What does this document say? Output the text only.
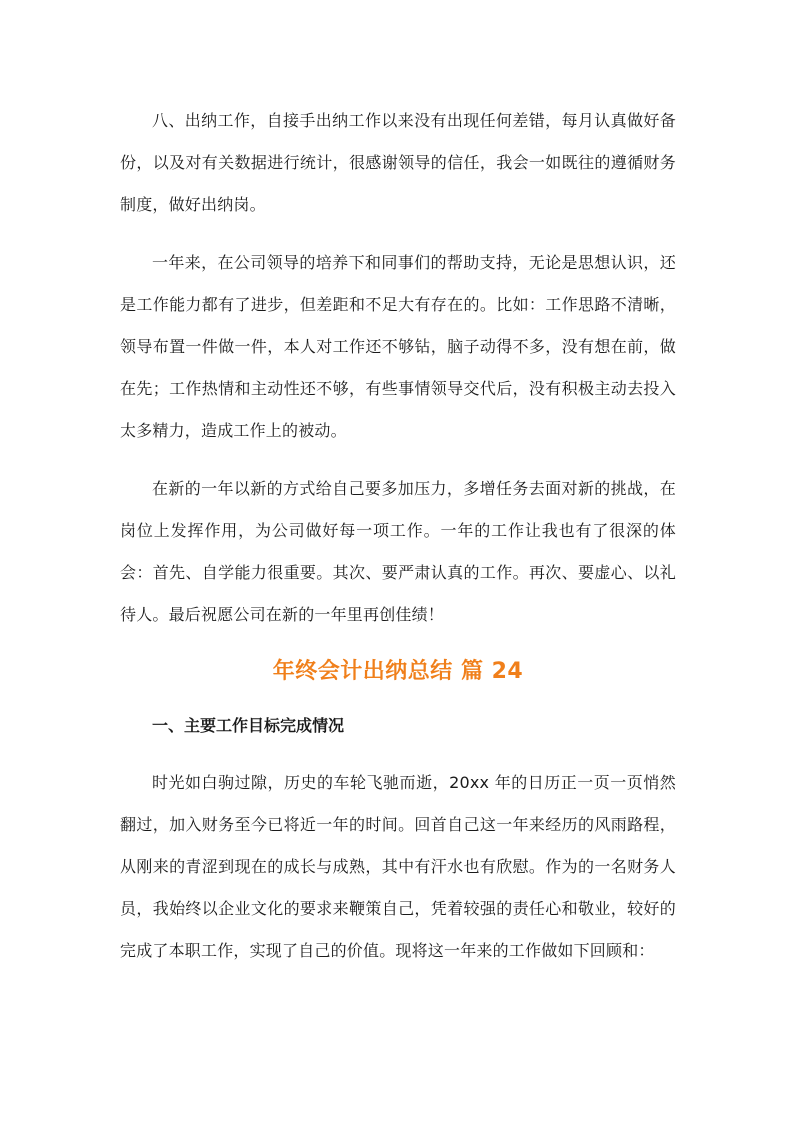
八、出纳工作，自接手出纳工作以来没有出现任何差错，每月认真做好备份，以及对有关数据进行统计，很感谢领导的信任，我会一如既往的遵循财务制度，做好出纳岗。

一年来，在公司领导的培养下和同事们的帮助支持，无论是思想认识，还是工作能力都有了进步，但差距和不足大有存在的。比如：工作思路不清晰，领导布置一件做一件，本人对工作还不够钻，脑子动得不多，没有想在前，做在先；工作热情和主动性还不够，有些事情领导交代后，没有积极主动去投入太多精力，造成工作上的被动。

在新的一年以新的方式给自己要多加压力，多增任务去面对新的挑战，在岗位上发挥作用，为公司做好每一项工作。一年的工作让我也有了很深的体会：首先、自学能力很重要。其次、要严肃认真的工作。再次、要虚心、以礼待人。最后祝愿公司在新的一年里再创佳绩！

年终会计出纳总结 篇 24
一、主要工作目标完成情况

时光如白驹过隙，历史的车轮飞驰而逝，20xx 年的日历正一页一页悄然翻过，加入财务至今已将近一年的时间。回首自己这一年来经历的风雨路程，从刚来的青涩到现在的成长与成熟，其中有汗水也有欣慰。作为的一名财务人员，我始终以企业文化的要求来鞭策自己，凭着较强的责任心和敬业，较好的完成了本职工作，实现了自己的价值。现将这一年来的工作做如下回顾和：
